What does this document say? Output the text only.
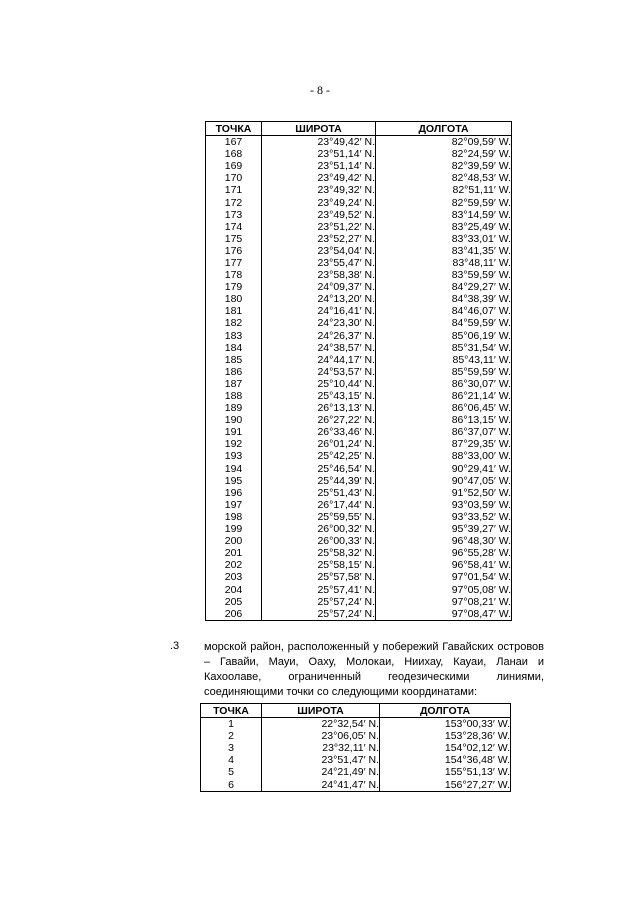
- 8 -
ТОЧКА	ШИРОТА	ДОЛГОТА
167	23°49,42′ N.	82°09,59′ W.
168	23°51,14′ N.	82°24,59′ W.
169	23°51,14′ N.	82°39,59′ W.
170	23°49,42′ N.	82°48,53′ W.
171	23°49,32′ N.	82°51,11′ W.
172	23°49,24′ N.	82°59,59′ W.
173	23°49,52′ N.	83°14,59′ W.
174	23°51,22′ N.	83°25,49′ W.
175	23°52,27′ N.	83°33,01′ W.
176	23°54,04′ N.	83°41,35′ W.
177	23°55,47′ N.	83°48,11′ W.
178	23°58,38′ N.	83°59,59′ W.
179	24°09,37′ N.	84°29,27′ W.
180	24°13,20′ N.	84°38,39′ W.
181	24°16,41′ N.	84°46,07′ W.
182	24°23,30′ N.	84°59,59′ W.
183	24°26,37′ N.	85°06,19′ W.
184	24°38,57′ N.	85°31,54′ W.
185	24°44,17′ N.	85°43,11′ W.
186	24°53,57′ N.	85°59,59′ W.
187	25°10,44′ N.	86°30,07′ W.
188	25°43,15′ N.	86°21,14′ W.
189	26°13,13′ N.	86°06,45′ W.
190	26°27,22′ N.	86°13,15′ W.
191	26°33,46′ N.	86°37,07′ W.
192	26°01,24′ N.	87°29,35′ W.
193	25°42,25′ N.	88°33,00′ W.
194	25°46,54′ N.	90°29,41′ W.
195	25°44,39′ N.	90°47,05′ W.
196	25°51,43′ N.	91°52,50′ W.
197	26°17,44′ N.	93°03,59′ W.
198	25°59,55′ N.	93°33,52′ W.
199	26°00,32′ N.	95°39,27′ W.
200	26°00,33′ N.	96°48,30′ W.
201	25°58,32′ N.	96°55,28′ W.
202	25°58,15′ N.	96°58,41′ W.
203	25°57,58′ N.	97°01,54′ W.
204	25°57,41′ N.	97°05,08′ W.
205	25°57,24′ N.	97°08,21′ W.
206	25°57,24′ N.	97°08,47′ W.
.3 морской район, расположенный у побережий Гавайских островов – Гавайи, Мауи, Оаху, Молокаи, Ниихау, Кауаи, Ланаи и Кахоолаве, ограниченный геодезическими линиями, соединяющими точки со следующими координатами:
ТОЧКА	ШИРОТА	ДОЛГОТА
1	22°32,54′ N.	153°00,33′ W.
2	23°06,05′ N.	153°28,36′ W.
3	23°32,11′ N.	154°02,12′ W.
4	23°51,47′ N.	154°36,48′ W.
5	24°21,49′ N.	155°51,13′ W.
6	24°41,47′ N.	156°27,27′ W.
